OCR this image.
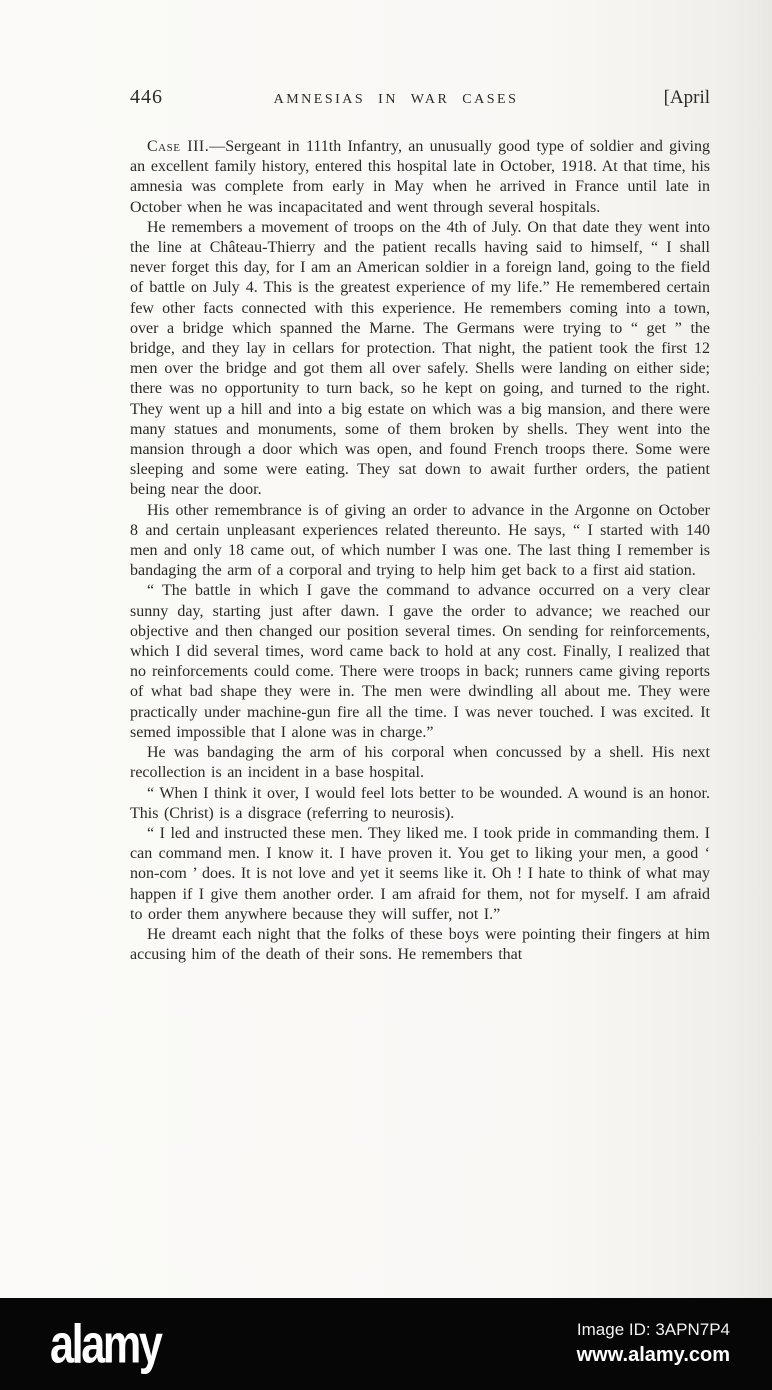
446	AMNESIAS IN WAR CASES	[April

Case III.—Sergeant in 111th Infantry, an unusually good type of soldier and giving an excellent family history, entered this hospital late in October, 1918. At that time, his amnesia was complete from early in May when he arrived in France until late in October when he was incapacitated and went through several hospitals.

He remembers a movement of troops on the 4th of July. On that date they went into the line at Château-Thierry and the patient recalls having said to himself, “ I shall never forget this day, for I am an American soldier in a foreign land, going to the field of battle on July 4. This is the greatest experience of my life.” He remembered certain few other facts connected with this experience. He remembers coming into a town, over a bridge which spanned the Marne. The Germans were trying to “ get ” the bridge, and they lay in cellars for protection. That night, the patient took the first 12 men over the bridge and got them all over safely. Shells were landing on either side; there was no opportunity to turn back, so he kept on going, and turned to the right. They went up a hill and into a big estate on which was a big mansion, and there were many statues and monuments, some of them broken by shells. They went into the mansion through a door which was open, and found French troops there. Some were sleeping and some were eating. They sat down to await further orders, the patient being near the door.

His other remembrance is of giving an order to advance in the Argonne on October 8 and certain unpleasant experiences related thereunto. He says, “ I started with 140 men and only 18 came out, of which number I was one. The last thing I remember is bandaging the arm of a corporal and trying to help him get back to a first aid station.

“ The battle in which I gave the command to advance occurred on a very clear sunny day, starting just after dawn. I gave the order to advance; we reached our objective and then changed our position several times. On sending for reinforcements, which I did several times, word came back to hold at any cost. Finally, I realized that no reinforcements could come. There were troops in back; runners came giving reports of what bad shape they were in. The men were dwindling all about me. They were practically under machine-gun fire all the time. I was never touched. I was excited. It semed impossible that I alone was in charge.”

He was bandaging the arm of his corporal when concussed by a shell. His next recollection is an incident in a base hospital.

“ When I think it over, I would feel lots better to be wounded. A wound is an honor. This (Christ) is a disgrace (referring to neurosis).

“ I led and instructed these men. They liked me. I took pride in commanding them. I can command men. I know it. I have proven it. You get to liking your men, a good ‘ non-com ’ does. It is not love and yet it seems like it. Oh ! I hate to think of what may happen if I give them another order. I am afraid for them, not for myself. I am afraid to order them anywhere because they will suffer, not I.”

He dreamt each night that the folks of these boys were pointing their fingers at him accusing him of the death of their sons. He remembers that

alamy	Image ID: 3APN7P4
www.alamy.com
